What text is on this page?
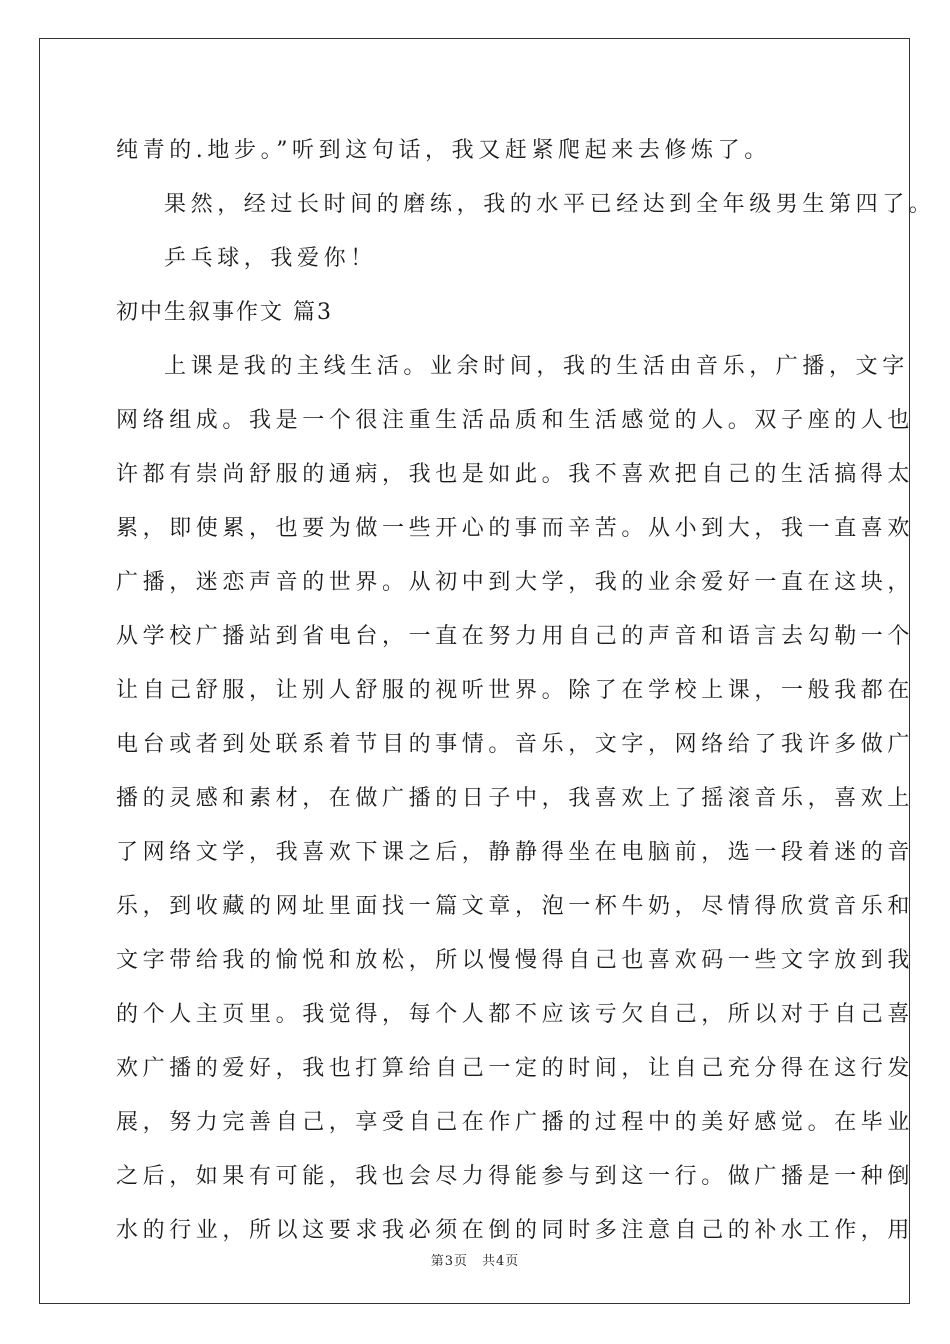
纯青的.地步。”听到这句话，我又赶紧爬起来去修炼了。
果然，经过长时间的磨练，我的水平已经达到全年级男生第四了。
乒乓球，我爱你！
初中生叙事作文 篇3
上课是我的主线生活。业余时间，我的生活由音乐，广播，文字
网络组成。我是一个很注重生活品质和生活感觉的人。双子座的人也
许都有崇尚舒服的通病，我也是如此。我不喜欢把自己的生活搞得太
累，即使累，也要为做一些开心的事而辛苦。从小到大，我一直喜欢
广播，迷恋声音的世界。从初中到大学，我的业余爱好一直在这块，
从学校广播站到省电台，一直在努力用自己的声音和语言去勾勒一个
让自己舒服，让别人舒服的视听世界。除了在学校上课，一般我都在
电台或者到处联系着节目的事情。音乐，文字，网络给了我许多做广
播的灵感和素材，在做广播的日子中，我喜欢上了摇滚音乐，喜欢上
了网络文学，我喜欢下课之后，静静得坐在电脑前，选一段着迷的音
乐，到收藏的网址里面找一篇文章，泡一杯牛奶，尽情得欣赏音乐和
文字带给我的愉悦和放松，所以慢慢得自己也喜欢码一些文字放到我
的个人主页里。我觉得，每个人都不应该亏欠自己，所以对于自己喜
欢广播的爱好，我也打算给自己一定的时间，让自己充分得在这行发
展，努力完善自己，享受自己在作广播的过程中的美好感觉。在毕业
之后，如果有可能，我也会尽力得能参与到这一行。做广播是一种倒
水的行业，所以这要求我必须在倒的同时多注意自己的补水工作，用
第3页 共4页
